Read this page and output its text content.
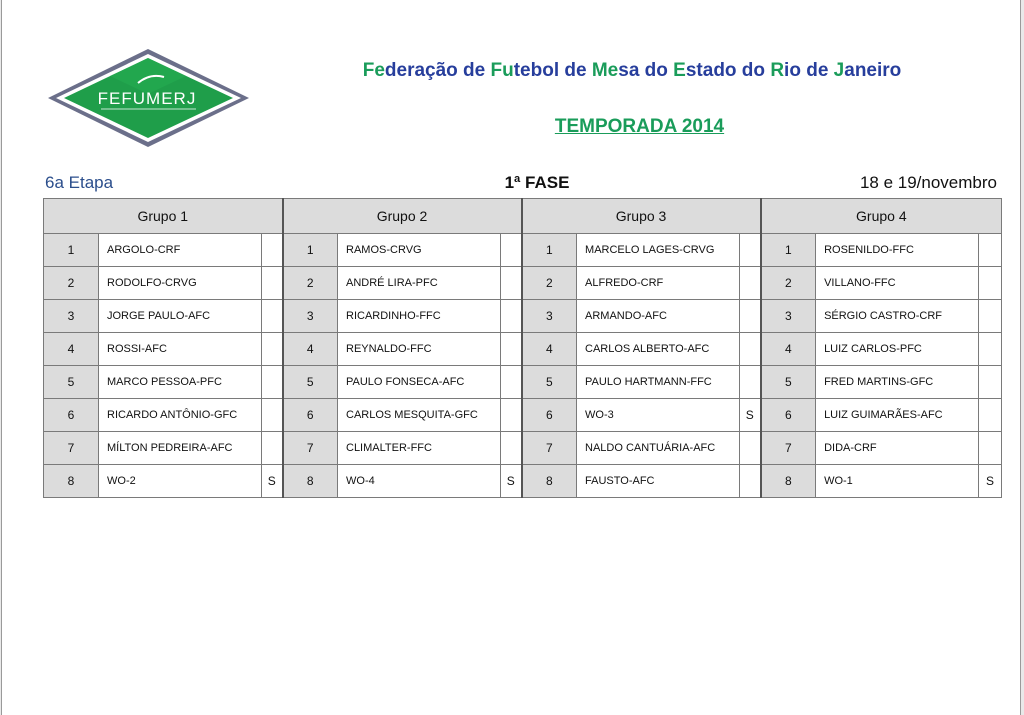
FEFUMERJ
Federação de Futebol de Mesa do Estado do Rio de Janeiro
TEMPORADA 2014
6a Etapa	1ª FASE	18 e 19/novembro
Grupo 1			Grupo 2			Grupo 3			Grupo 4		
1	ARGOLO-CRF		1	RAMOS-CRVG		1	MARCELO LAGES-CRVG		1	ROSENILDO-FFC	
2	RODOLFO-CRVG		2	ANDRÉ LIRA-PFC		2	ALFREDO-CRF		2	VILLANO-FFC	
3	JORGE PAULO-AFC		3	RICARDINHO-FFC		3	ARMANDO-AFC		3	SÉRGIO CASTRO-CRF	
4	ROSSI-AFC		4	REYNALDO-FFC		4	CARLOS ALBERTO-AFC		4	LUIZ CARLOS-PFC	
5	MARCO PESSOA-PFC		5	PAULO FONSECA-AFC		5	PAULO HARTMANN-FFC		5	FRED MARTINS-GFC	
6	RICARDO ANTÔNIO-GFC		6	CARLOS MESQUITA-GFC		6	WO-3	S	6	LUIZ GUIMARÃES-AFC	
7	MÍLTON PEDREIRA-AFC		7	CLIMALTER-FFC		7	NALDO CANTUÁRIA-AFC		7	DIDA-CRF	
8	WO-2	S	8	WO-4	S	8	FAUSTO-AFC		8	WO-1	S
